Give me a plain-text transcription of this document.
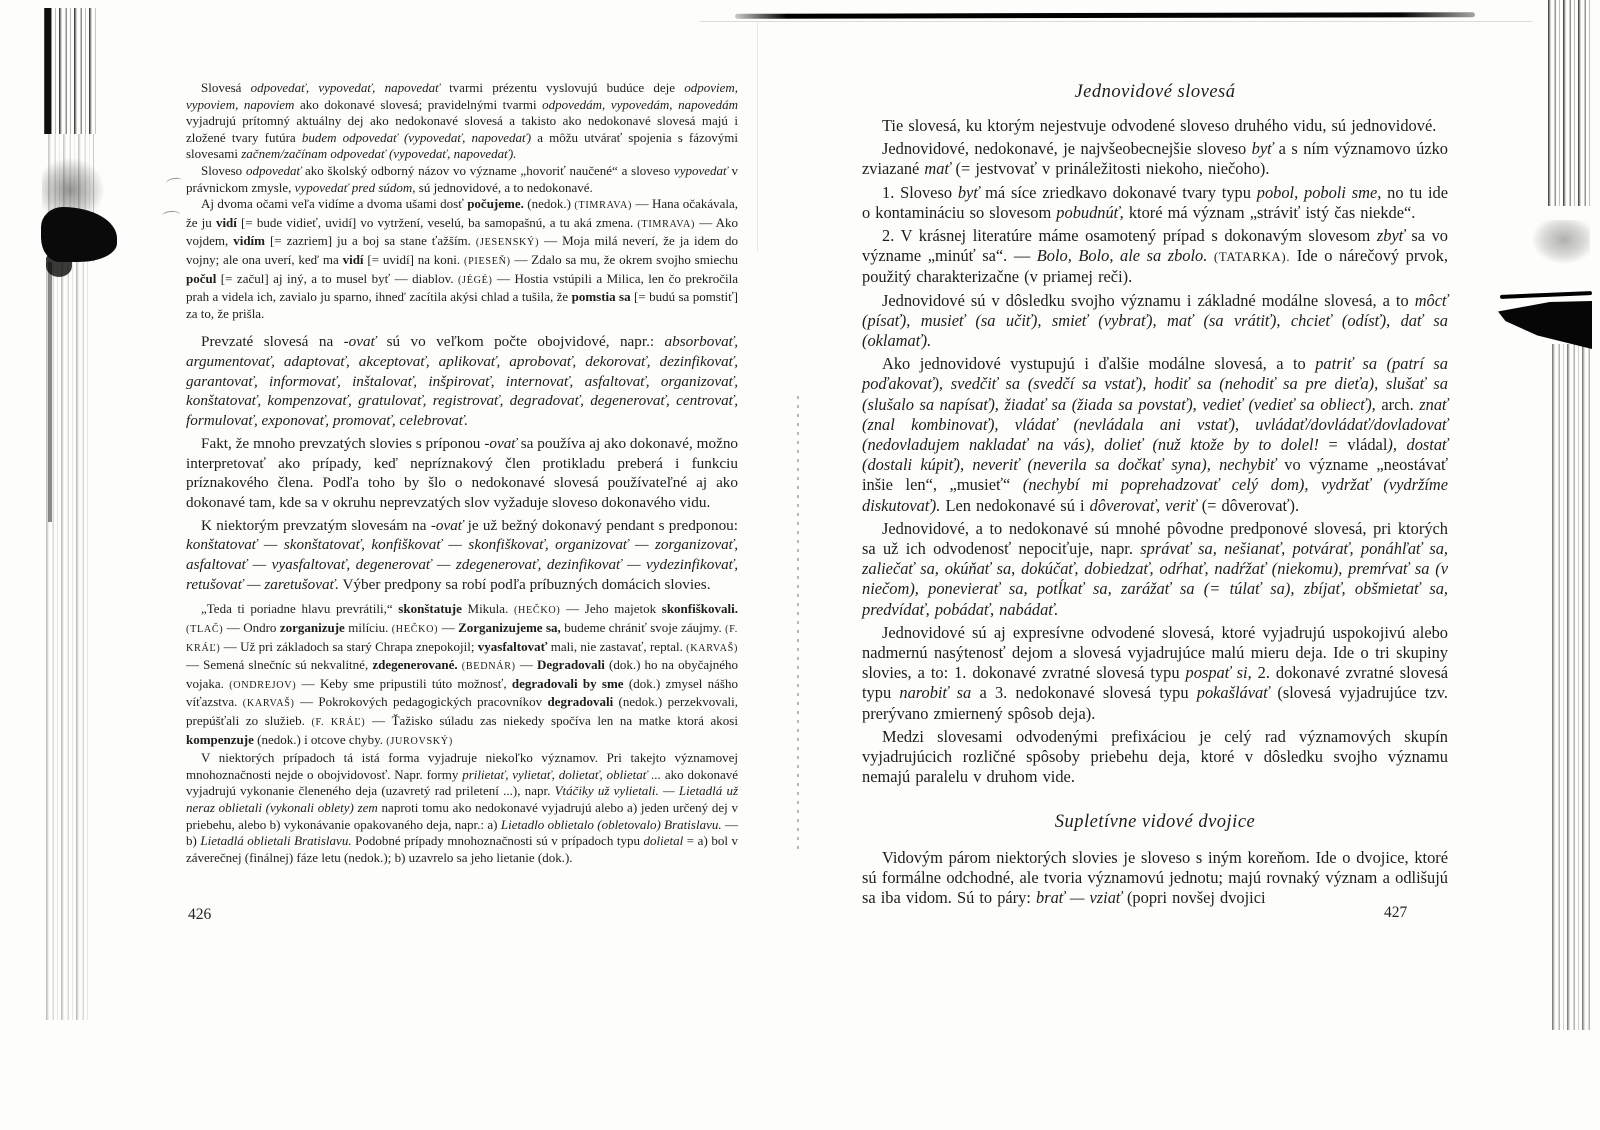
Slovesá odpovedať, vypovedať, napovedať tvarmi prézentu vyslovujú budúce deje odpoviem, vypoviem, napoviem ako dokonavé slovesá; pravidelnými tvarmi odpovedám, vypovedám, napovedám vyjadrujú prítomný aktuálny dej ako nedokonavé slovesá a takisto ako nedokonavé slovesá majú i zložené tvary futúra budem odpovedať (vypovedať, napovedať) a môžu utvárať spojenia s fázovými slovesami začnem/začínam odpovedať (vypovedať, napovedať).

Sloveso odpovedať ako školský odborný názov vo význame „hovoriť naučené“ a sloveso vypovedať v právnickom zmysle, vypovedať pred súdom, sú jednovidové, a to nedokonavé.

Aj dvoma očami veľa vidíme a dvoma ušami dosť počujeme. (nedok.) (TIMRAVA) — Hana očakávala, že ju vidí [= bude vidieť, uvidí] vo vytržení, veselú, ba samopašnú, a tu aká zmena. (TIMRAVA) — Ako vojdem, vidím [= zazriem] ju a boj sa stane ťažším. (JESENSKÝ) — Moja milá neverí, že ja idem do vojny; ale ona uverí, keď ma vidí [= uvidí] na koni. (PIESEŇ) — Zdalo sa mu, že okrem svojho smiechu počul [= začul] aj iný, a to musel byť — diablov. (JÉGÉ) — Hostia vstúpili a Milica, len čo prekročila prah a videla ich, zavialo ju sparno, ihneď zacítila akýsi chlad a tušila, že pomstia sa [= budú sa pomstiť] za to, že prišla.

Prevzaté slovesá na -ovať sú vo veľkom počte obojvidové, napr.: absorbovať, argumentovať, adaptovať, akceptovať, aplikovať, aprobovať, dekorovať, dezinfikovať, garantovať, informovať, inštalovať, inšpirovať, internovať, asfaltovať, organizovať, konštatovať, kompenzovať, gratulovať, registrovať, degradovať, degenerovať, centrovať, formulovať, exponovať, promovať, celebrovať.

Fakt, že mnoho prevzatých slovies s príponou -ovať sa používa aj ako dokonavé, možno interpretovať ako prípady, keď nepríznakový člen protikladu preberá i funkciu príznakového člena. Podľa toho by šlo o nedokonavé slovesá používateľné aj ako dokonavé tam, kde sa v okruhu neprevzatých slov vyžaduje sloveso dokonavého vidu.

K niektorým prevzatým slovesám na -ovať je už bežný dokonavý pendant s predponou: konštatovať — skonštatovať, konfiškovať — skonfiškovať, organizovať — zorganizovať, asfaltovať — vyasfaltovať, degenerovať — zdegenerovať, dezinfikovať — vydezinfikovať, retušovať — zaretušovať. Výber predpony sa robí podľa príbuzných domácich slovies.

„Teda ti poriadne hlavu prevrátili,“ skonštatuje Mikula. (HEČKO) — Jeho majetok skonfiškovali. (TLAČ) — Ondro zorganizuje milíciu. (HEČKO) — Zorganizujeme sa, budeme chrániť svoje záujmy. (F. KRÁĽ) — Už pri základoch sa starý Chrapa znepokojil; vyasfaltovať mali, nie zastavať, reptal. (KARVAŠ) — Semená slnečníc sú nekvalitné, zdegenerované. (BEDNÁR) — Degradovali (dok.) ho na obyčajného vojaka. (ONDREJOV) — Keby sme pripustili túto možnosť, degradovali by sme (dok.) zmysel nášho víťazstva. (KARVAŠ) — Pokrokových pedagogických pracovníkov degradovali (nedok.) perzekvovali, prepúšťali zo služieb. (F. KRÁĽ) — Ťažisko súladu zas niekedy spočíva len na matke ktorá akosi kompenzuje (nedok.) i otcove chyby. (JUROVSKÝ)

V niektorých prípadoch tá istá forma vyjadruje niekoľko významov. Pri takejto významovej mnohoznačnosti nejde o obojvidovosť. Napr. formy prilietať, vylietať, dolietať, oblietať ... ako dokonavé vyjadrujú vykonanie členeného deja (uzavretý rad priletení ...), napr. Vtáčiky už vylietali. — Lietadlá už neraz oblietali (vykonali oblety) zem naproti tomu ako nedokonavé vyjadrujú alebo a) jeden určený dej v priebehu, alebo b) vykonávanie opakovaného deja, napr.: a) Lietadlo oblietalo (obletovalo) Bratislavu. — b) Lietadlá oblietali Bratislavu. Podobné prípady mnohoznačnosti sú v prípadoch typu dolietal = a) bol v záverečnej (finálnej) fáze letu (nedok.); b) uzavrelo sa jeho lietanie (dok.).

426
Jednovidové slovesá

Tie slovesá, ku ktorým nejestvuje odvodené sloveso druhého vidu, sú jednovidové.

Jednovidové, nedokonavé, je najvšeobecnejšie sloveso byť a s ním významovo úzko zviazané mať (= jestvovať v prináležitosti niekoho, niečoho).

1. Sloveso byť má síce zriedkavo dokonavé tvary typu pobol, poboli sme, no tu ide o kontamináciu so slovesom pobudnúť, ktoré má význam „stráviť istý čas niekde“.

2. V krásnej literatúre máme osamotený prípad s dokonavým slovesom zbyť sa vo význame „minúť sa“. — Bolo, Bolo, ale sa zbolo. (TATARKA). Ide o nárečový prvok, použitý charakterizačne (v priamej reči).

Jednovidové sú v dôsledku svojho významu i základné modálne slovesá, a to môcť (písať), musieť (sa učiť), smieť (vybrať), mať (sa vrátiť), chcieť (odísť), dať sa (oklamať).

Ako jednovidové vystupujú i ďalšie modálne slovesá, a to patriť sa (patrí sa poďakovať), svedčiť sa (svedčí sa vstať), hodiť sa (nehodiť sa pre dieťa), slušať sa (slušalo sa napísať), žiadať sa (žiada sa povstať), vedieť (vedieť sa obliecť), arch. znať (znal kombinovať), vládať (nevládala ani vstať), uvládať/dovládať/dovladovať (nedovladujem nakladať na vás), dolieť (nuž ktože by to dolel! = vládal), dostať (dostali kúpiť), neveriť (neverila sa dočkať syna), nechybiť vo význame „neostávať inšie len“, „musieť“ (nechybí mi poprehadzovať celý dom), vydržať (vydržíme diskutovať). Len nedokonavé sú i dôverovať, veriť (= dôverovať).

Jednovidové, a to nedokonavé sú mnohé pôvodne predponové slovesá, pri ktorých sa už ich odvodenosť nepociťuje, napr. správať sa, nešianať, potvárať, ponáhľať sa, zaliečať sa, okúňať sa, dokúčať, dobiedzať, odŕhať, nadŕžať (niekomu), premŕvať sa (v niečom), ponevierať sa, potĺkať sa, zarážať sa (= túlať sa), zbíjať, obšmietať sa, predvídať, pobádať, nabádať.

Jednovidové sú aj expresívne odvodené slovesá, ktoré vyjadrujú uspokojivú alebo nadmernú nasýtenosť dejom a slovesá vyjadrujúce malú mieru deja. Ide o tri skupiny slovies, a to: 1. dokonavé zvratné slovesá typu pospať si, 2. dokonavé zvratné slovesá typu narobiť sa a 3. nedokonavé slovesá typu pokašlávať (slovesá vyjadrujúce tzv. prerývano zmiernený spôsob deja).

Medzi slovesami odvodenými prefixáciou je celý rad významových skupín vyjadrujúcich rozličné spôsoby priebehu deja, ktoré v dôsledku svojho významu nemajú paralelu v druhom vide.

Supletívne vidové dvojice

Vidovým párom niektorých slovies je sloveso s iným koreňom. Ide o dvojice, ktoré sú formálne odchodné, ale tvoria významovú jednotu; majú rovnaký význam a odlišujú sa iba vidom. Sú to páry: brať — vziať (popri novšej dvojici

427
